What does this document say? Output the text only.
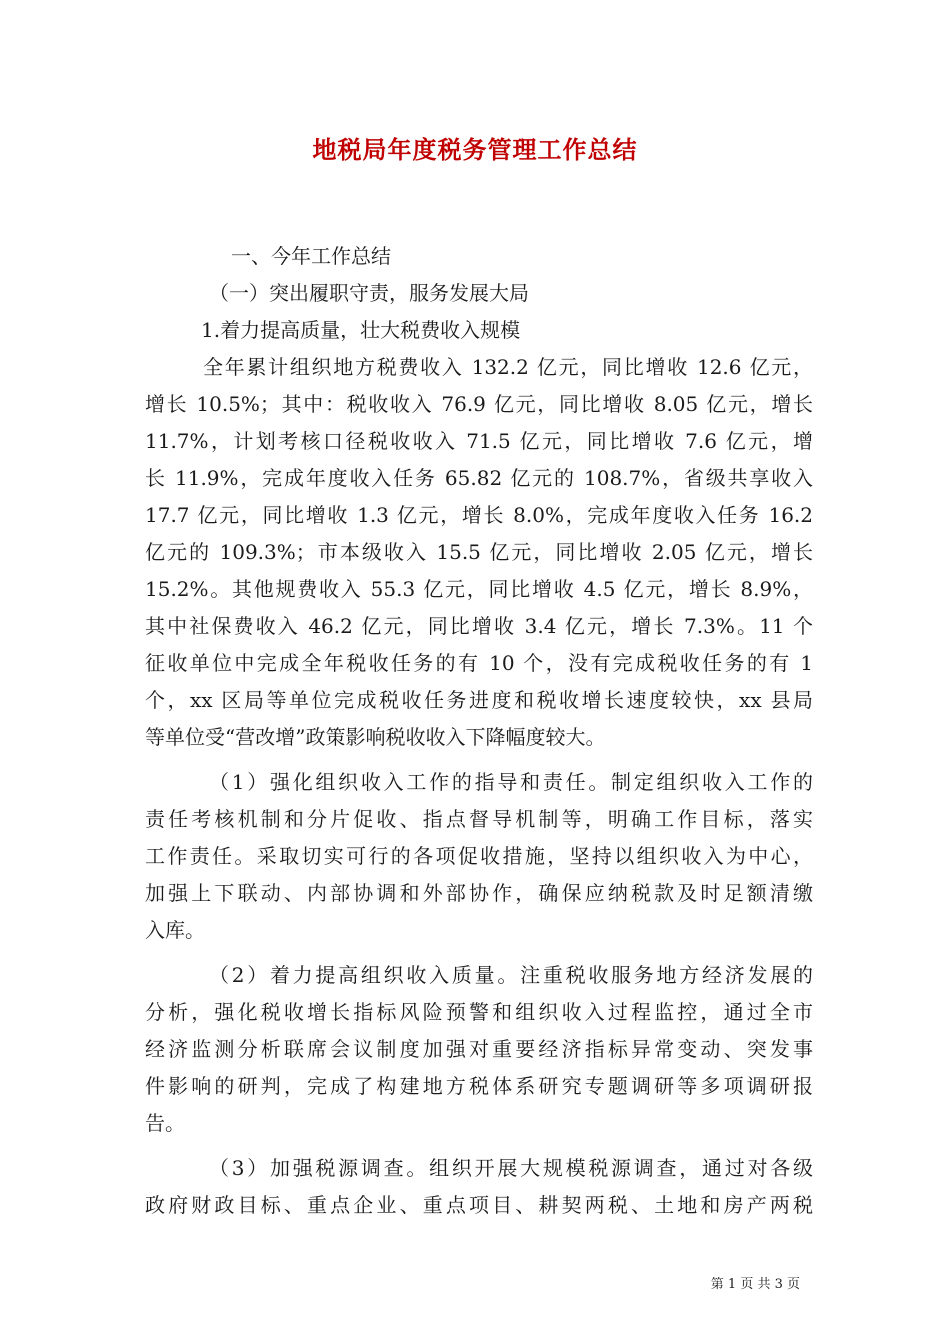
地税局年度税务管理工作总结

一、今年工作总结

（一）突出履职守责，服务发展大局

1.着力提高质量，壮大税费收入规模

全年累计组织地方税费收入 132.2 亿元，同比增收 12.6 亿元，

增长 10.5%；其中：税收收入 76.9 亿元，同比增收 8.05 亿元，增长

11.7%，计划考核口径税收收入 71.5 亿元，同比增收 7.6 亿元，增

长 11.9%，完成年度收入任务 65.82 亿元的 108.7%，省级共享收入

17.7 亿元，同比增收 1.3 亿元，增长 8.0%，完成年度收入任务 16.2

亿元的 109.3%；市本级收入 15.5 亿元，同比增收 2.05 亿元，增长

15.2%。其他规费收入 55.3 亿元，同比增收 4.5 亿元，增长 8.9%，

其中社保费收入 46.2 亿元，同比增收 3.4 亿元，增长 7.3%。11 个

征收单位中完成全年税收任务的有 10 个，没有完成税收任务的有 1

个，xx 区局等单位完成税收任务进度和税收增长速度较快，xx 县局

等单位受“营改增”政策影响税收收入下降幅度较大。

（1）强化组织收入工作的指导和责任。制定组织收入工作的

责任考核机制和分片促收、指点督导机制等，明确工作目标，落实

工作责任。采取切实可行的各项促收措施，坚持以组织收入为中心，

加强上下联动、内部协调和外部协作，确保应纳税款及时足额清缴

入库。

（2）着力提高组织收入质量。注重税收服务地方经济发展的

分析，强化税收增长指标风险预警和组织收入过程监控，通过全市

经济监测分析联席会议制度加强对重要经济指标异常变动、突发事

件影响的研判，完成了构建地方税体系研究专题调研等多项调研报

告。

（3）加强税源调查。组织开展大规模税源调查，通过对各级

政府财政目标、重点企业、重点项目、耕契两税、土地和房产两税

第 1 页 共 3 页
